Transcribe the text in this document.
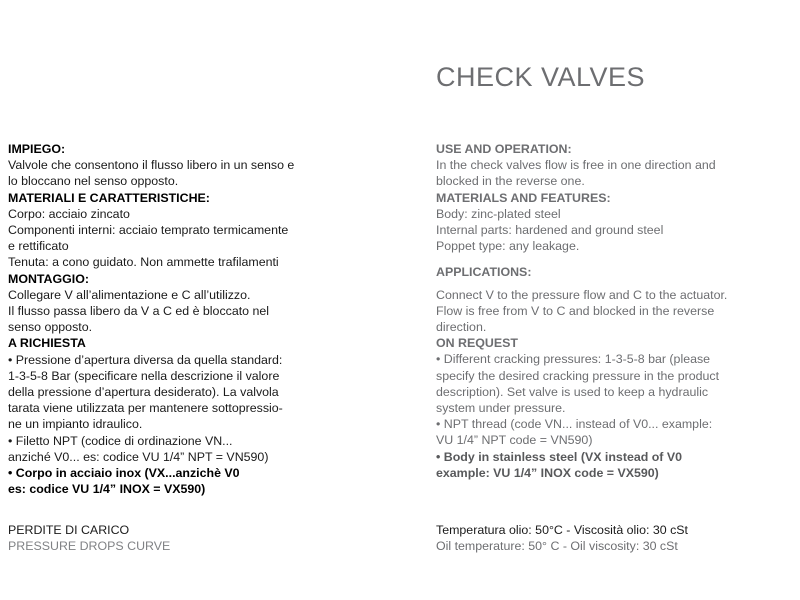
CHECK VALVES

IMPIEGO:

Valvole che consentono il flusso libero in un senso e

lo bloccano nel senso opposto.

MATERIALI E CARATTERISTICHE:

Corpo: acciaio zincato

Componenti interni: acciaio temprato termicamente

e rettificato

Tenuta: a cono guidato. Non ammette trafilamenti

MONTAGGIO:

Collegare V all’alimentazione e C all’utilizzo.

Il flusso passa libero da V a C ed è bloccato nel

senso opposto.

A RICHIESTA

• Pressione d’apertura diversa da quella standard:

1-3-5-8 Bar (specificare nella descrizione il valore

della pressione d’apertura desiderato). La valvola

tarata viene utilizzata per mantenere sottopressio-

ne un impianto idraulico.

• Filetto NPT (codice di ordinazione VN...

anziché V0... es: codice VU 1/4” NPT = VN590)

• Corpo in acciaio inox (VX...anzichè V0

es: codice VU 1/4” INOX = VX590)

USE AND OPERATION:

In the check valves flow is free in one direction and

blocked in the reverse one.

MATERIALS AND FEATURES:

Body: zinc-plated steel

Internal parts: hardened and ground steel

Poppet type: any leakage.

APPLICATIONS:

Connect V to the pressure flow and C to the actuator.

Flow is free from V to C and blocked in the reverse

direction.

ON REQUEST

• Different cracking pressures: 1-3-5-8 bar (please

specify the desired cracking pressure in the product

description). Set valve is used to keep a hydraulic

system under pressure.

• NPT thread (code VN... instead of V0... example:

VU 1/4” NPT code = VN590)

• Body in stainless steel (VX instead of V0

example: VU 1/4” INOX code = VX590)

PERDITE DI CARICO

PRESSURE DROPS CURVE

Temperatura olio: 50°C - Viscosità olio: 30 cSt

Oil temperature: 50° C - Oil viscosity: 30 cSt
